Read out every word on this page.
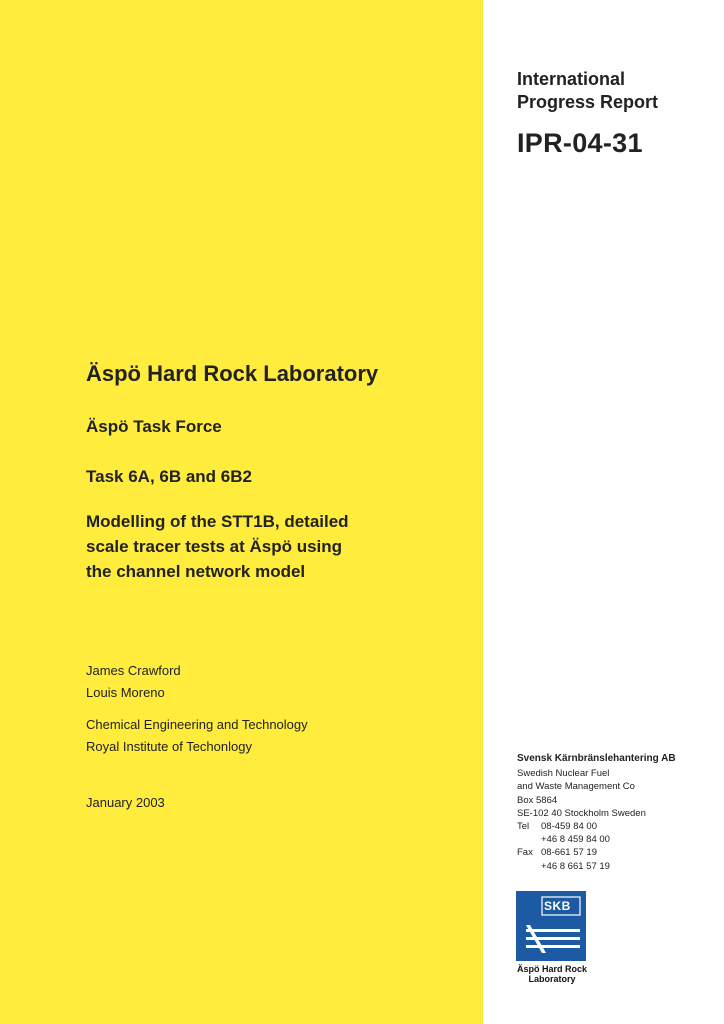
International
Progress Report
IPR-04-31
Äspö Hard Rock Laboratory
Äspö Task Force
Task 6A, 6B and 6B2
Modelling of the STT1B, detailed
scale tracer tests at Äspö using
the channel network model
James Crawford
Louis Moreno
Chemical Engineering and Technology
Royal Institute of Techonlogy
January 2003
Svensk Kärnbränslehantering AB
Swedish Nuclear Fuel
and Waste Management Co
Box 5864
SE-102 40 Stockholm Sweden
Tel	08-459 84 00
+46 8 459 84 00
Fax 08-661 57 19
+46 8 661 57 19
SKB
Äspö Hard Rock
Laboratory
